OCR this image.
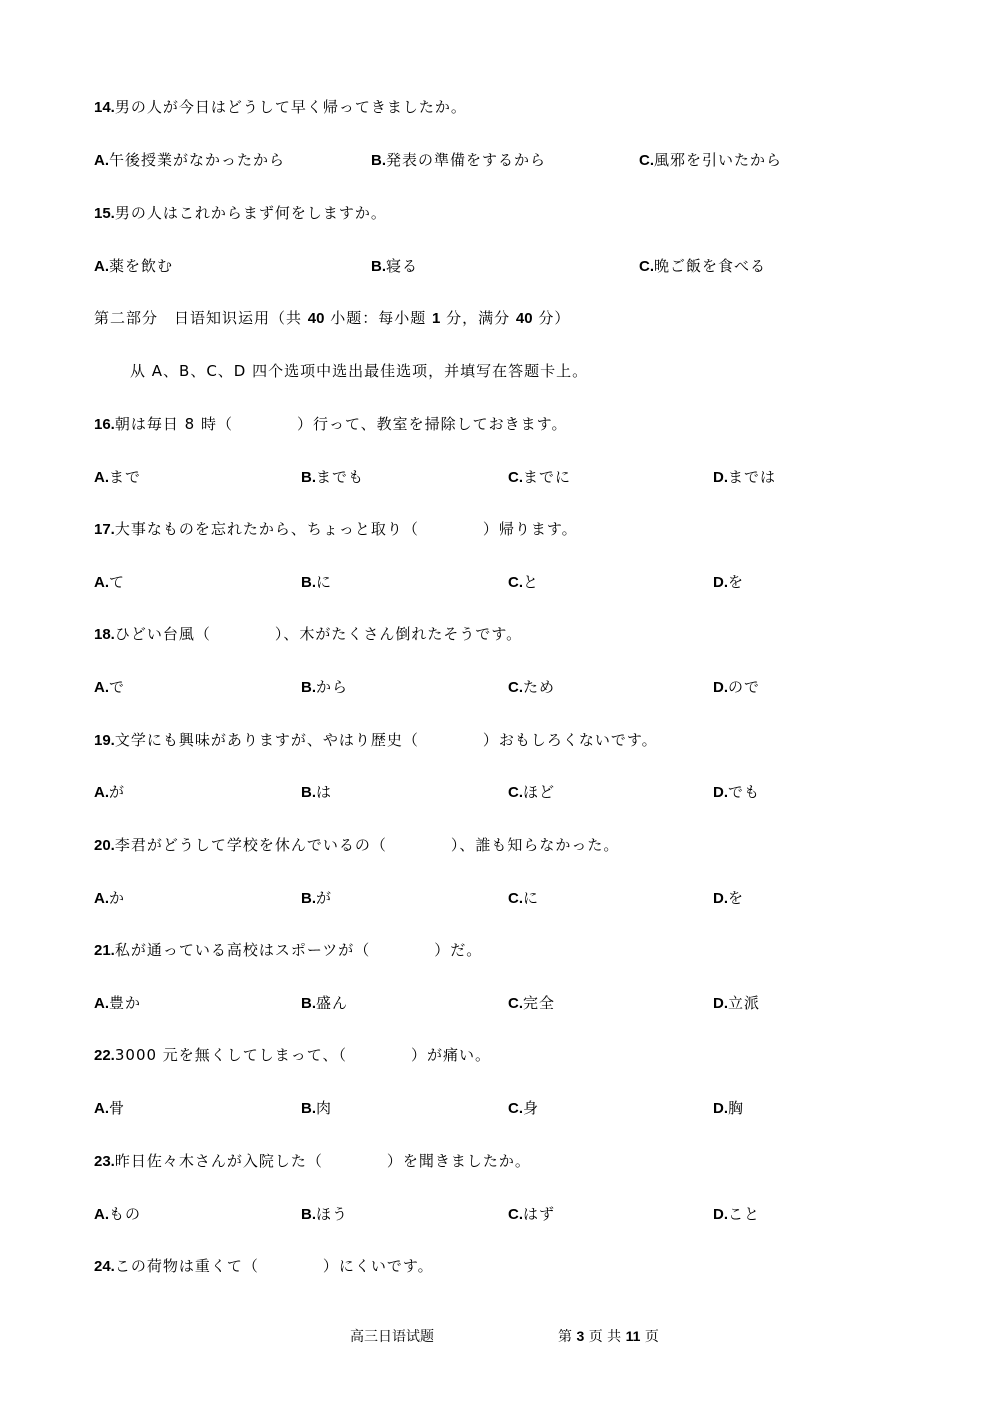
14.男の人が今日はどうして早く帰ってきましたか。
A.午後授業がなかったから	B.発表の準備をするから	C.風邪を引いたから
15.男の人はこれからまず何をしますか。
A.薬を飲む	B.寝る	C.晩ご飯を食べる
第二部分　日语知识运用（共 40 小题：每小题 1 分，满分 40 分）
从 A、B、C、D 四个选项中选出最佳选项，并填写在答题卡上。
16.朝は毎日 8 時（　　　　）行って、教室を掃除しておきます。
A.まで	B.までも	C.までに	D.までは
17.大事なものを忘れたから、ちょっと取り（　　　　）帰ります。
A.て	B.に	C.と	D.を
18.ひどい台風（　　　　）、木がたくさん倒れたそうです。
A.で	B.から	C.ため	D.ので
19.文学にも興味がありますが、やはり歴史（　　　　）おもしろくないです。
A.が	B.は	C.ほど	D.でも
20.李君がどうして学校を休んでいるの（　　　　）、誰も知らなかった。
A.か	B.が	C.に	D.を
21.私が通っている高校はスポーツが（　　　　）だ。
A.豊か	B.盛ん	C.完全	D.立派
22.3000 元を無くしてしまって、（　　　　）が痛い。
A.骨	B.肉	C.身	D.胸
23.昨日佐々木さんが入院した（　　　　）を聞きましたか。
A.もの	B.ほう	C.はず	D.こと
24.この荷物は重くて（　　　　）にくいです。
高三日语试题	第 3 页 共 11 页
